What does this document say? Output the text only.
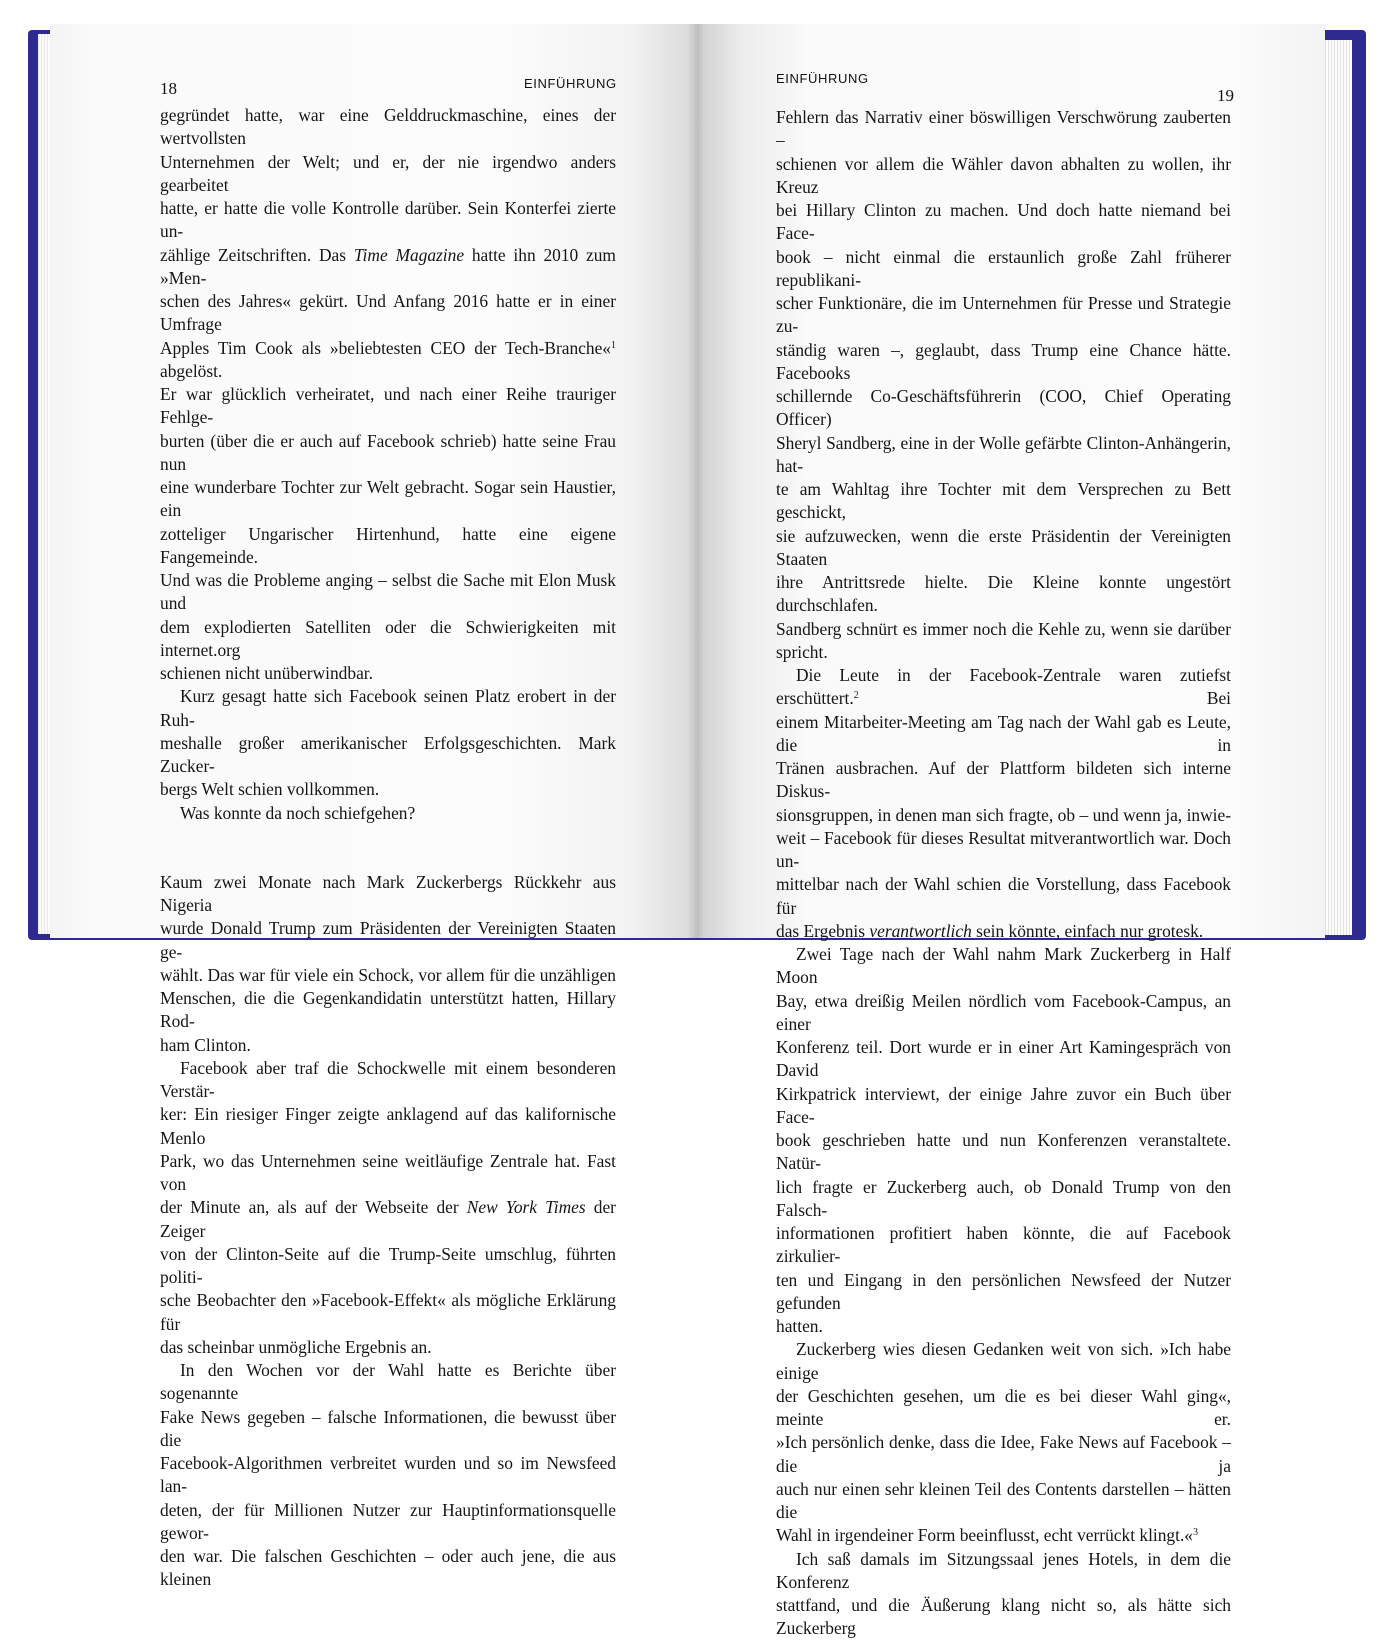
18	EINFÜHRUNG

gegründet hatte, war eine Gelddruckmaschine, eines der wertvollsten

Unternehmen der Welt; und er, der nie irgendwo anders gearbeitet

hatte, er hatte die volle Kontrolle darüber. Sein Konterfei zierte un-

zählige Zeitschriften. Das Time Magazine hatte ihn 2010 zum »Men-

schen des Jahres« gekürt. Und Anfang 2016 hatte er in einer Umfrage

Apples Tim Cook als »beliebtesten CEO der Tech-Branche«$^1$ abgelöst.

Er war glücklich verheiratet, und nach einer Reihe trauriger Fehlge-

burten (über die er auch auf Facebook schrieb) hatte seine Frau nun

eine wunderbare Tochter zur Welt gebracht. Sogar sein Haustier, ein

zotteliger Ungarischer Hirtenhund, hatte eine eigene Fangemeinde.

Und was die Probleme anging – selbst die Sache mit Elon Musk und

dem explodierten Satelliten oder die Schwierigkeiten mit internet.org

schienen nicht unüberwindbar.

Kurz gesagt hatte sich Facebook seinen Platz erobert in der Ruh-

meshalle großer amerikanischer Erfolgsgeschichten. Mark Zucker-

bergs Welt schien vollkommen.

Was konnte da noch schiefgehen?

Kaum zwei Monate nach Mark Zuckerbergs Rückkehr aus Nigeria

wurde Donald Trump zum Präsidenten der Vereinigten Staaten ge-

wählt. Das war für viele ein Schock, vor allem für die unzähligen

Menschen, die die Gegenkandidatin unterstützt hatten, Hillary Rod-

ham Clinton.

Facebook aber traf die Schockwelle mit einem besonderen Verstär-

ker: Ein riesiger Finger zeigte anklagend auf das kalifornische Menlo

Park, wo das Unternehmen seine weitläufige Zentrale hat. Fast von

der Minute an, als auf der Webseite der New York Times der Zeiger

von der Clinton-Seite auf die Trump-Seite umschlug, führten politi-

sche Beobachter den »Facebook-Effekt« als mögliche Erklärung für

das scheinbar unmögliche Ergebnis an.

In den Wochen vor der Wahl hatte es Berichte über sogenannte

Fake News gegeben – falsche Informationen, die bewusst über die

Facebook-Algorithmen verbreitet wurden und so im Newsfeed lan-

deten, der für Millionen Nutzer zur Hauptinformationsquelle gewor-

den war. Die falschen Geschichten – oder auch jene, die aus kleinen

EINFÜHRUNG
19

Fehlern das Narrativ einer böswilligen Verschwörung zauberten –

schienen vor allem die Wähler davon abhalten zu wollen, ihr Kreuz

bei Hillary Clinton zu machen. Und doch hatte niemand bei Face-

book – nicht einmal die erstaunlich große Zahl früherer republikani-

scher Funktionäre, die im Unternehmen für Presse und Strategie zu-

ständig waren –, geglaubt, dass Trump eine Chance hätte. Facebooks

schillernde Co-Geschäftsführerin (COO, Chief Operating Officer)

Sheryl Sandberg, eine in der Wolle gefärbte Clinton-Anhängerin, hat-

te am Wahltag ihre Tochter mit dem Versprechen zu Bett geschickt,

sie aufzuwecken, wenn die erste Präsidentin der Vereinigten Staaten

ihre Antrittsrede hielte. Die Kleine konnte ungestört durchschlafen.

Sandberg schnürt es immer noch die Kehle zu, wenn sie darüber

spricht.

Die Leute in der Facebook-Zentrale waren zutiefst erschüttert.$^2$	Bei

einem Mitarbeiter-Meeting am Tag nach der Wahl gab es Leute, die in

Tränen ausbrachen. Auf der Plattform bildeten sich interne Diskus-

sionsgruppen, in denen man sich fragte, ob – und wenn ja, inwie-

weit – Facebook für dieses Resultat mitverantwortlich war. Doch un-

mittelbar nach der Wahl schien die Vorstellung, dass Facebook für

das Ergebnis verantwortlich sein könnte, einfach nur grotesk.

Zwei Tage nach der Wahl nahm Mark Zuckerberg in Half Moon

Bay, etwa dreißig Meilen nördlich vom Facebook-Campus, an einer

Konferenz teil. Dort wurde er in einer Art Kamingespräch von David

Kirkpatrick interviewt, der einige Jahre zuvor ein Buch über Face-

book geschrieben hatte und nun Konferenzen veranstaltete. Natür-

lich fragte er Zuckerberg auch, ob Donald Trump von den Falsch-

informationen profitiert haben könnte, die auf Facebook zirkulier-

ten und Eingang in den persönlichen Newsfeed der Nutzer gefunden

hatten.

Zuckerberg wies diesen Gedanken weit von sich. »Ich habe einige

der Geschichten gesehen, um die es bei dieser Wahl ging«, meinte er.

»Ich persönlich denke, dass die Idee, Fake News auf Facebook – die ja

auch nur einen sehr kleinen Teil des Contents darstellen – hätten die

Wahl in irgendeiner Form beeinflusst, echt verrückt klingt.«$^3$

Ich saß damals im Sitzungssaal jenes Hotels, in dem die Konferenz

stattfand, und die Äußerung klang nicht so, als hätte sich Zuckerberg
